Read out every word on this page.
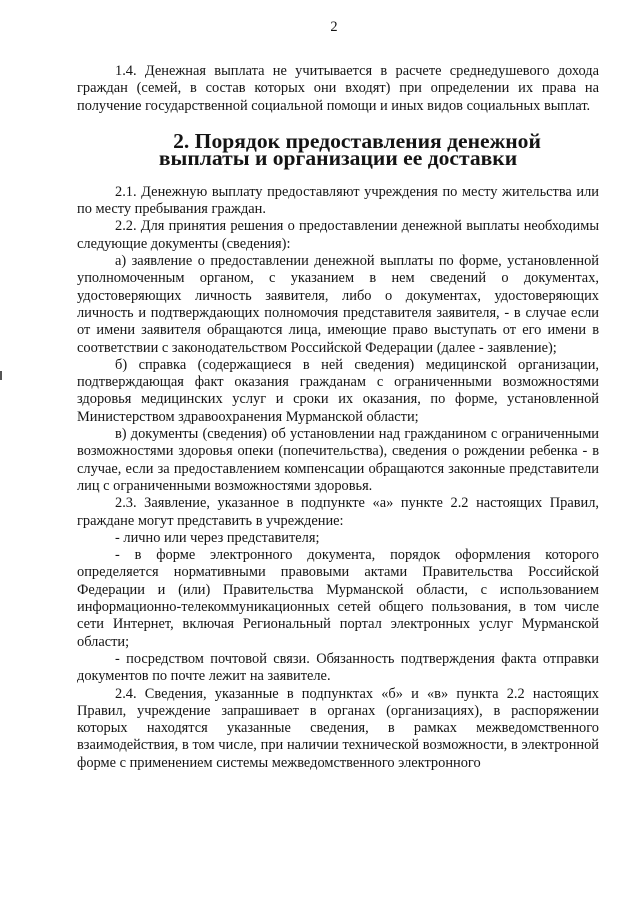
2

1.4. Денежная выплата не учитывается в расчете среднедушевого дохода граждан (семей, в состав которых они входят) при определении их права на получение государственной социальной помощи и иных видов социальных выплат.

2. Порядок предоставления денежной выплаты и организации ее доставки

2.1. Денежную выплату предоставляют учреждения по месту жительства или по месту пребывания граждан.

2.2. Для принятия решения о предоставлении денежной выплаты необходимы следующие документы (сведения):

а) заявление о предоставлении денежной выплаты по форме, установленной уполномоченным органом, с указанием в нем сведений о документах, удостоверяющих личность заявителя, либо о документах, удостоверяющих личность и подтверждающих полномочия представителя заявителя, - в случае если от имени заявителя обращаются лица, имеющие право выступать от его имени в соответствии с законодательством Российской Федерации (далее - заявление);

б) справка (содержащиеся в ней сведения) медицинской организации, подтверждающая факт оказания гражданам с ограниченными возможностями здоровья медицинских услуг и сроки их оказания, по форме, установленной Министерством здравоохранения Мурманской области;

в) документы (сведения) об установлении над гражданином с ограниченными возможностями здоровья опеки (попечительства), сведения о рождении ребенка - в случае, если за предоставлением компенсации обращаются законные представители лиц с ограниченными возможностями здоровья.

2.3. Заявление, указанное в подпункте «а» пункте 2.2 настоящих Правил, граждане могут представить в учреждение:

- лично или через представителя;

- в форме электронного документа, порядок оформления которого определяется нормативными правовыми актами Правительства Российской Федерации и (или) Правительства Мурманской области, с использованием информационно-телекоммуникационных сетей общего пользования, в том числе сети Интернет, включая Региональный портал электронных услуг Мурманской области;

- посредством почтовой связи. Обязанность подтверждения факта отправки документов по почте лежит на заявителе.

2.4. Сведения, указанные в подпунктах «б» и «в» пункта 2.2 настоящих Правил, учреждение запрашивает в органах (организациях), в распоряжении которых находятся указанные сведения, в рамках межведомственного взаимодействия, в том числе, при наличии технической возможности, в электронной форме с применением системы межведомственного электронного
